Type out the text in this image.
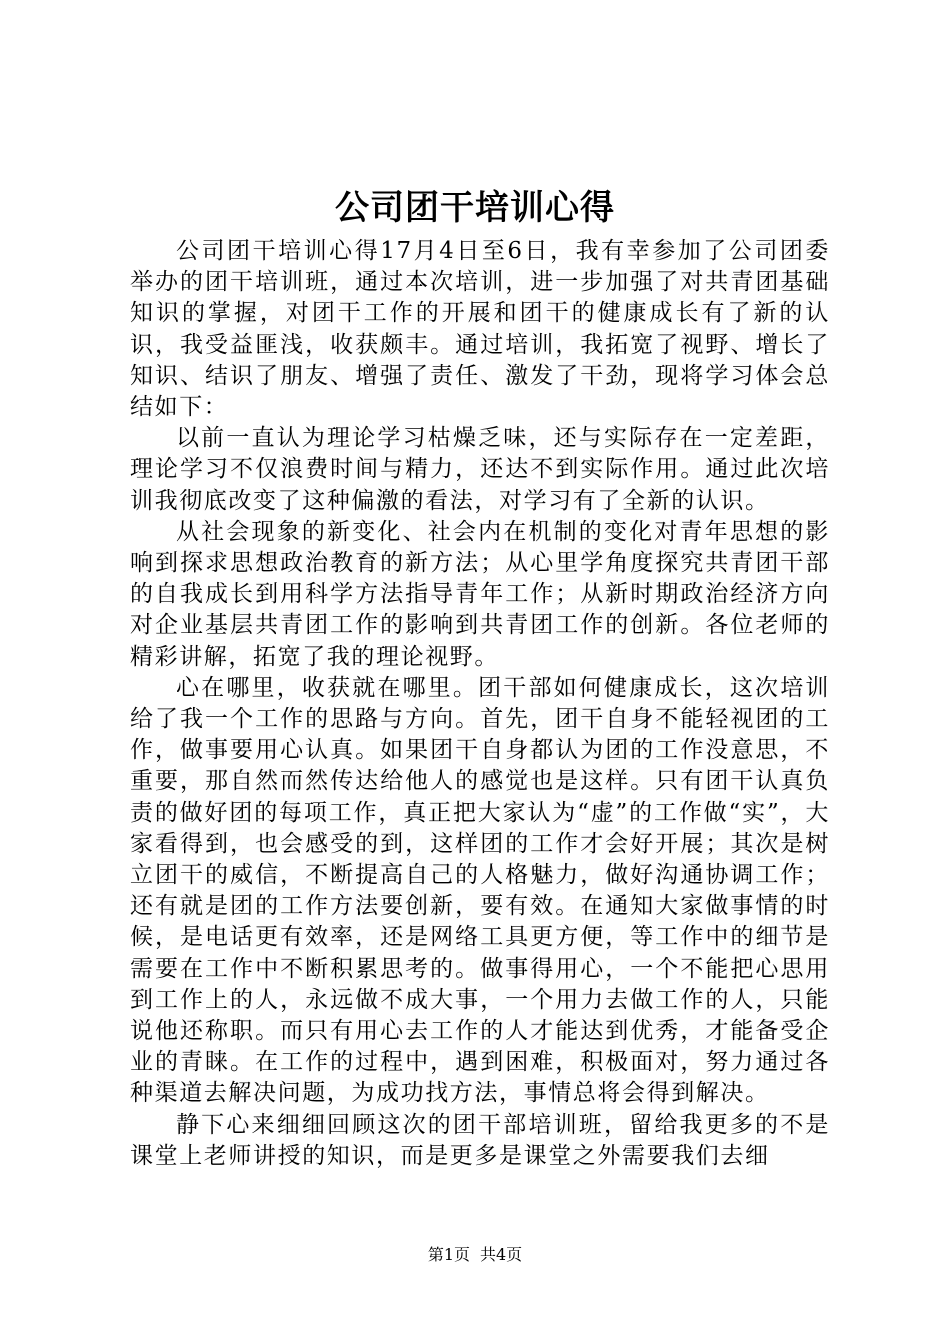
公司团干培训心得

公司团干培训心得17月4日至6日，我有幸参加了公司团委举办的团干培训班，通过本次培训，进一步加强了对共青团基础知识的掌握，对团干工作的开展和团干的健康成长有了新的认识，我受益匪浅，收获颇丰。通过培训，我拓宽了视野、增长了知识、结识了朋友、增强了责任、激发了干劲，现将学习体会总结如下：

以前一直认为理论学习枯燥乏味，还与实际存在一定差距，理论学习不仅浪费时间与精力，还达不到实际作用。通过此次培训我彻底改变了这种偏激的看法，对学习有了全新的认识。

从社会现象的新变化、社会内在机制的变化对青年思想的影响到探求思想政治教育的新方法；从心里学角度探究共青团干部的自我成长到用科学方法指导青年工作；从新时期政治经济方向对企业基层共青团工作的影响到共青团工作的创新。各位老师的精彩讲解，拓宽了我的理论视野。

心在哪里，收获就在哪里。团干部如何健康成长，这次培训给了我一个工作的思路与方向。首先，团干自身不能轻视团的工作，做事要用心认真。如果团干自身都认为团的工作没意思，不重要，那自然而然传达给他人的感觉也是这样。只有团干认真负责的做好团的每项工作，真正把大家认为“虚”的工作做“实”，大家看得到，也会感受的到，这样团的工作才会好开展；其次是树立团干的威信，不断提高自己的人格魅力，做好沟通协调工作；还有就是团的工作方法要创新，要有效。在通知大家做事情的时候，是电话更有效率，还是网络工具更方便，等工作中的细节是需要在工作中不断积累思考的。做事得用心，一个不能把心思用到工作上的人，永远做不成大事，一个用力去做工作的人，只能说他还称职。而只有用心去工作的人才能达到优秀，才能备受企业的青睐。在工作的过程中，遇到困难，积极面对，努力通过各种渠道去解决问题，为成功找方法，事情总将会得到解决。

静下心来细细回顾这次的团干部培训班，留给我更多的不是课堂上老师讲授的知识，而是更多是课堂之外需要我们去细

第1页 共4页
